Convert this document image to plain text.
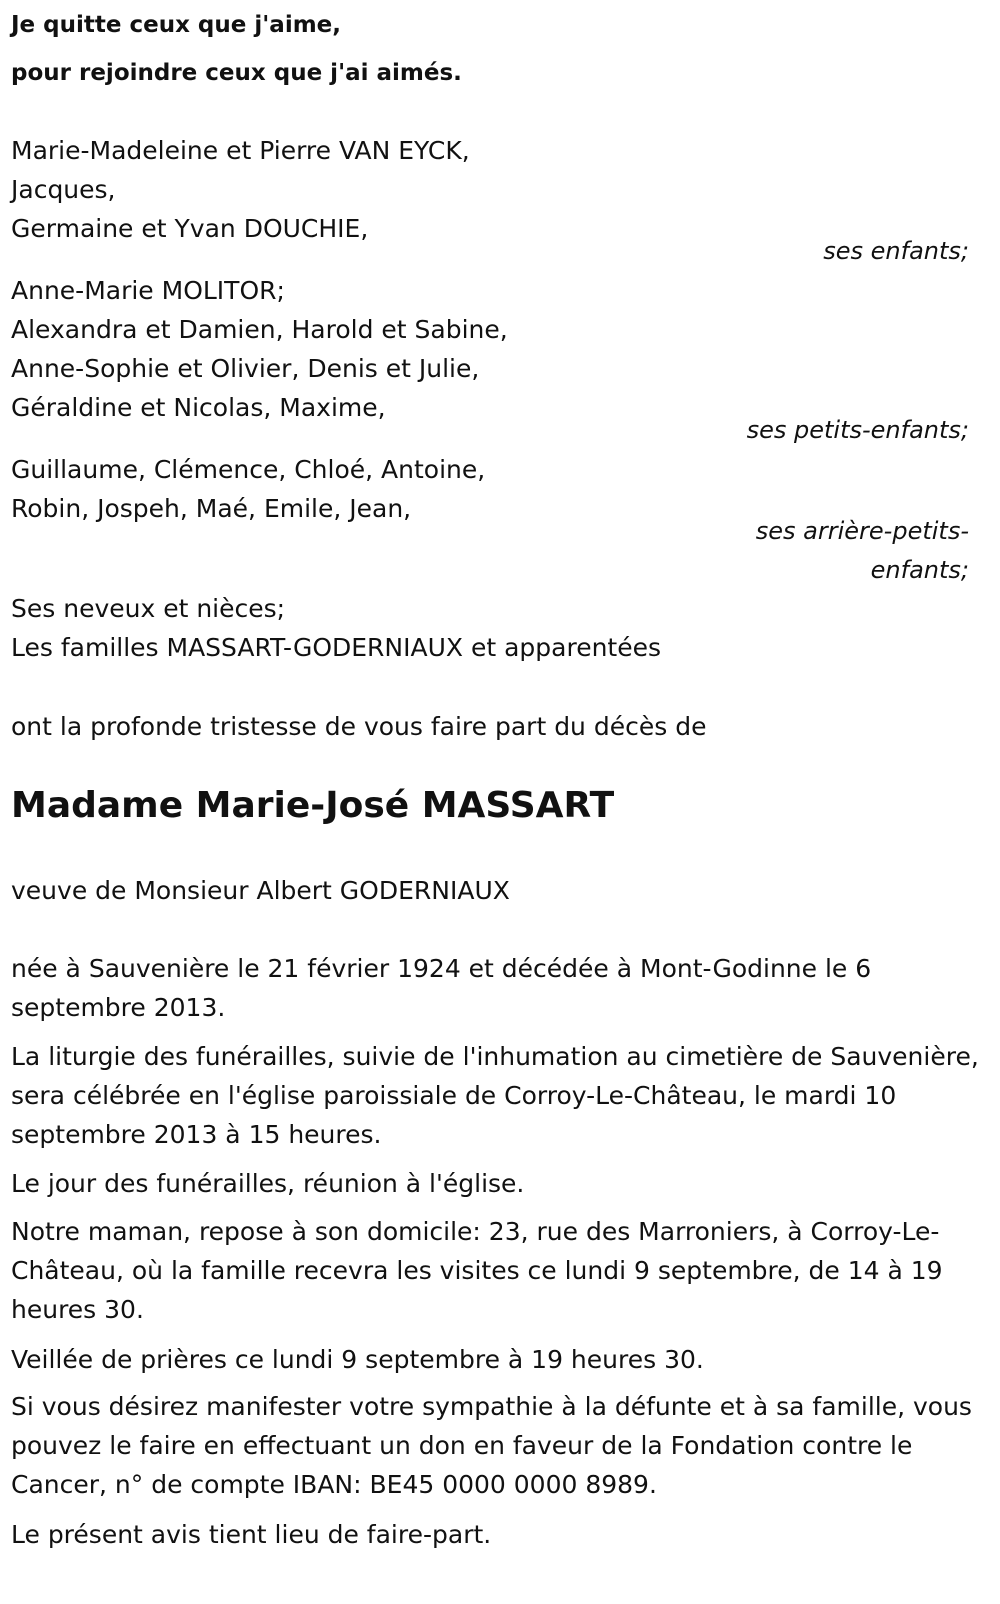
Je quitte ceux que j'aime,

pour rejoindre ceux que j'ai aimés.

Marie-Madeleine et Pierre VAN EYCK,

Jacques,

Germaine et Yvan DOUCHIE,

ses enfants;

Anne-Marie MOLITOR;

Alexandra et Damien, Harold et Sabine,

Anne-Sophie et Olivier, Denis et Julie,

Géraldine et Nicolas, Maxime,

ses petits-enfants;

Guillaume, Clémence, Chloé, Antoine,

Robin, Jospeh, Maé, Emile, Jean,

ses arrière-petits-
enfants;

Ses neveux et nièces;

Les familles MASSART-GODERNIAUX et apparentées

ont la profonde tristesse de vous faire part du décès de

Madame Marie-José MASSART

veuve de Monsieur Albert GODERNIAUX

née à Sauvenière le 21 février 1924 et décédée à Mont-Godinne le 6 septembre 2013.

La liturgie des funérailles, suivie de l'inhumation au cimetière de Sauvenière, sera célébrée en l'église paroissiale de Corroy-Le-Château, le mardi 10 septembre 2013 à 15 heures.

Le jour des funérailles, réunion à l'église.

Notre maman, repose à son domicile: 23, rue des Marroniers, à Corroy-Le-Château, où la famille recevra les visites ce lundi 9 septembre, de 14 à 19 heures 30.

Veillée de prières ce lundi 9 septembre à 19 heures 30.

Si vous désirez manifester votre sympathie à la défunte et à sa famille, vous pouvez le faire en effectuant un don en faveur de la Fondation contre le Cancer, n° de compte IBAN: BE45 0000 0000 8989.

Le présent avis tient lieu de faire-part.
